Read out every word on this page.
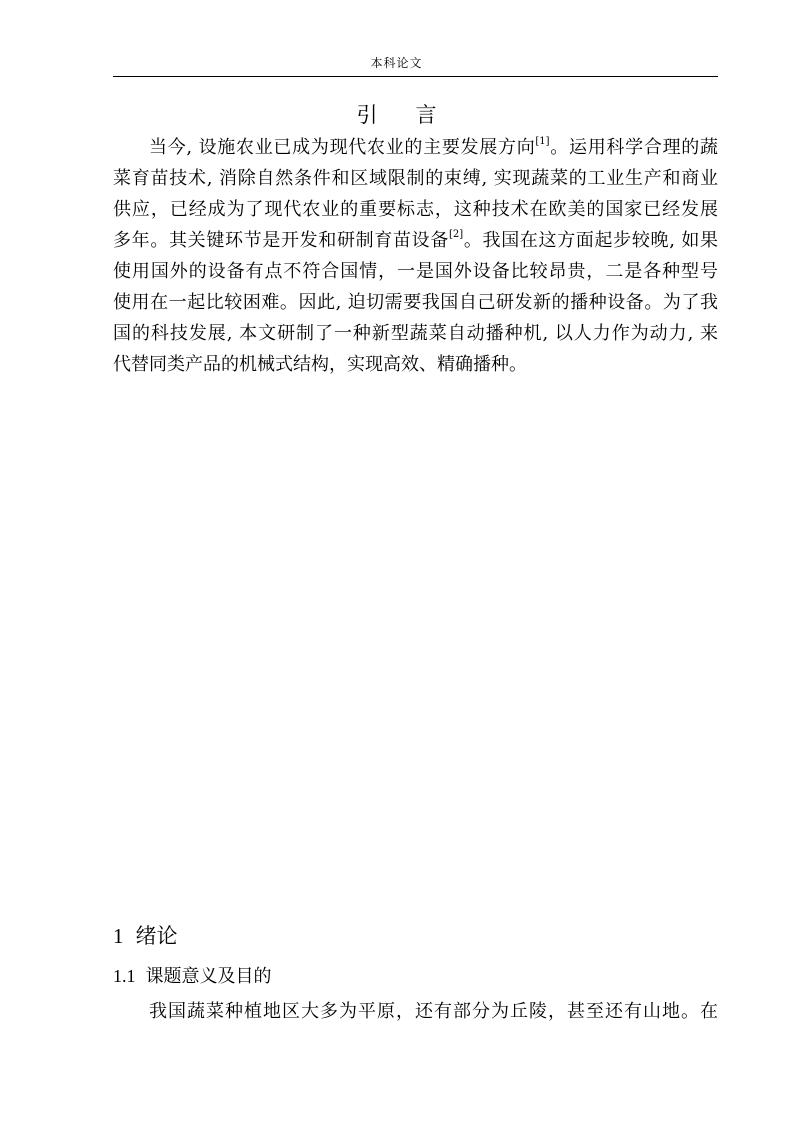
本科论文
引 言
当今, 设施农业已成为现代农业的主要发展方向[1]。运用科学合理的蔬
菜育苗技术, 消除自然条件和区域限制的束缚, 实现蔬菜的工业生产和商业
供应，已经成为了现代农业的重要标志，这种技术在欧美的国家已经发展
多年。其关键环节是开发和研制育苗设备[2]。我国在这方面起步较晚, 如果
使用国外的设备有点不符合国情，一是国外设备比较昂贵，二是各种型号
使用在一起比较困难。因此, 迫切需要我国自己研发新的播种设备。为了我
国的科技发展, 本文研制了一种新型蔬菜自动播种机, 以人力作为动力, 来
代替同类产品的机械式结构，实现高效、精确播种。
1 绪论
1.1 课题意义及目的
我国蔬菜种植地区大多为平原，还有部分为丘陵，甚至还有山地。在
